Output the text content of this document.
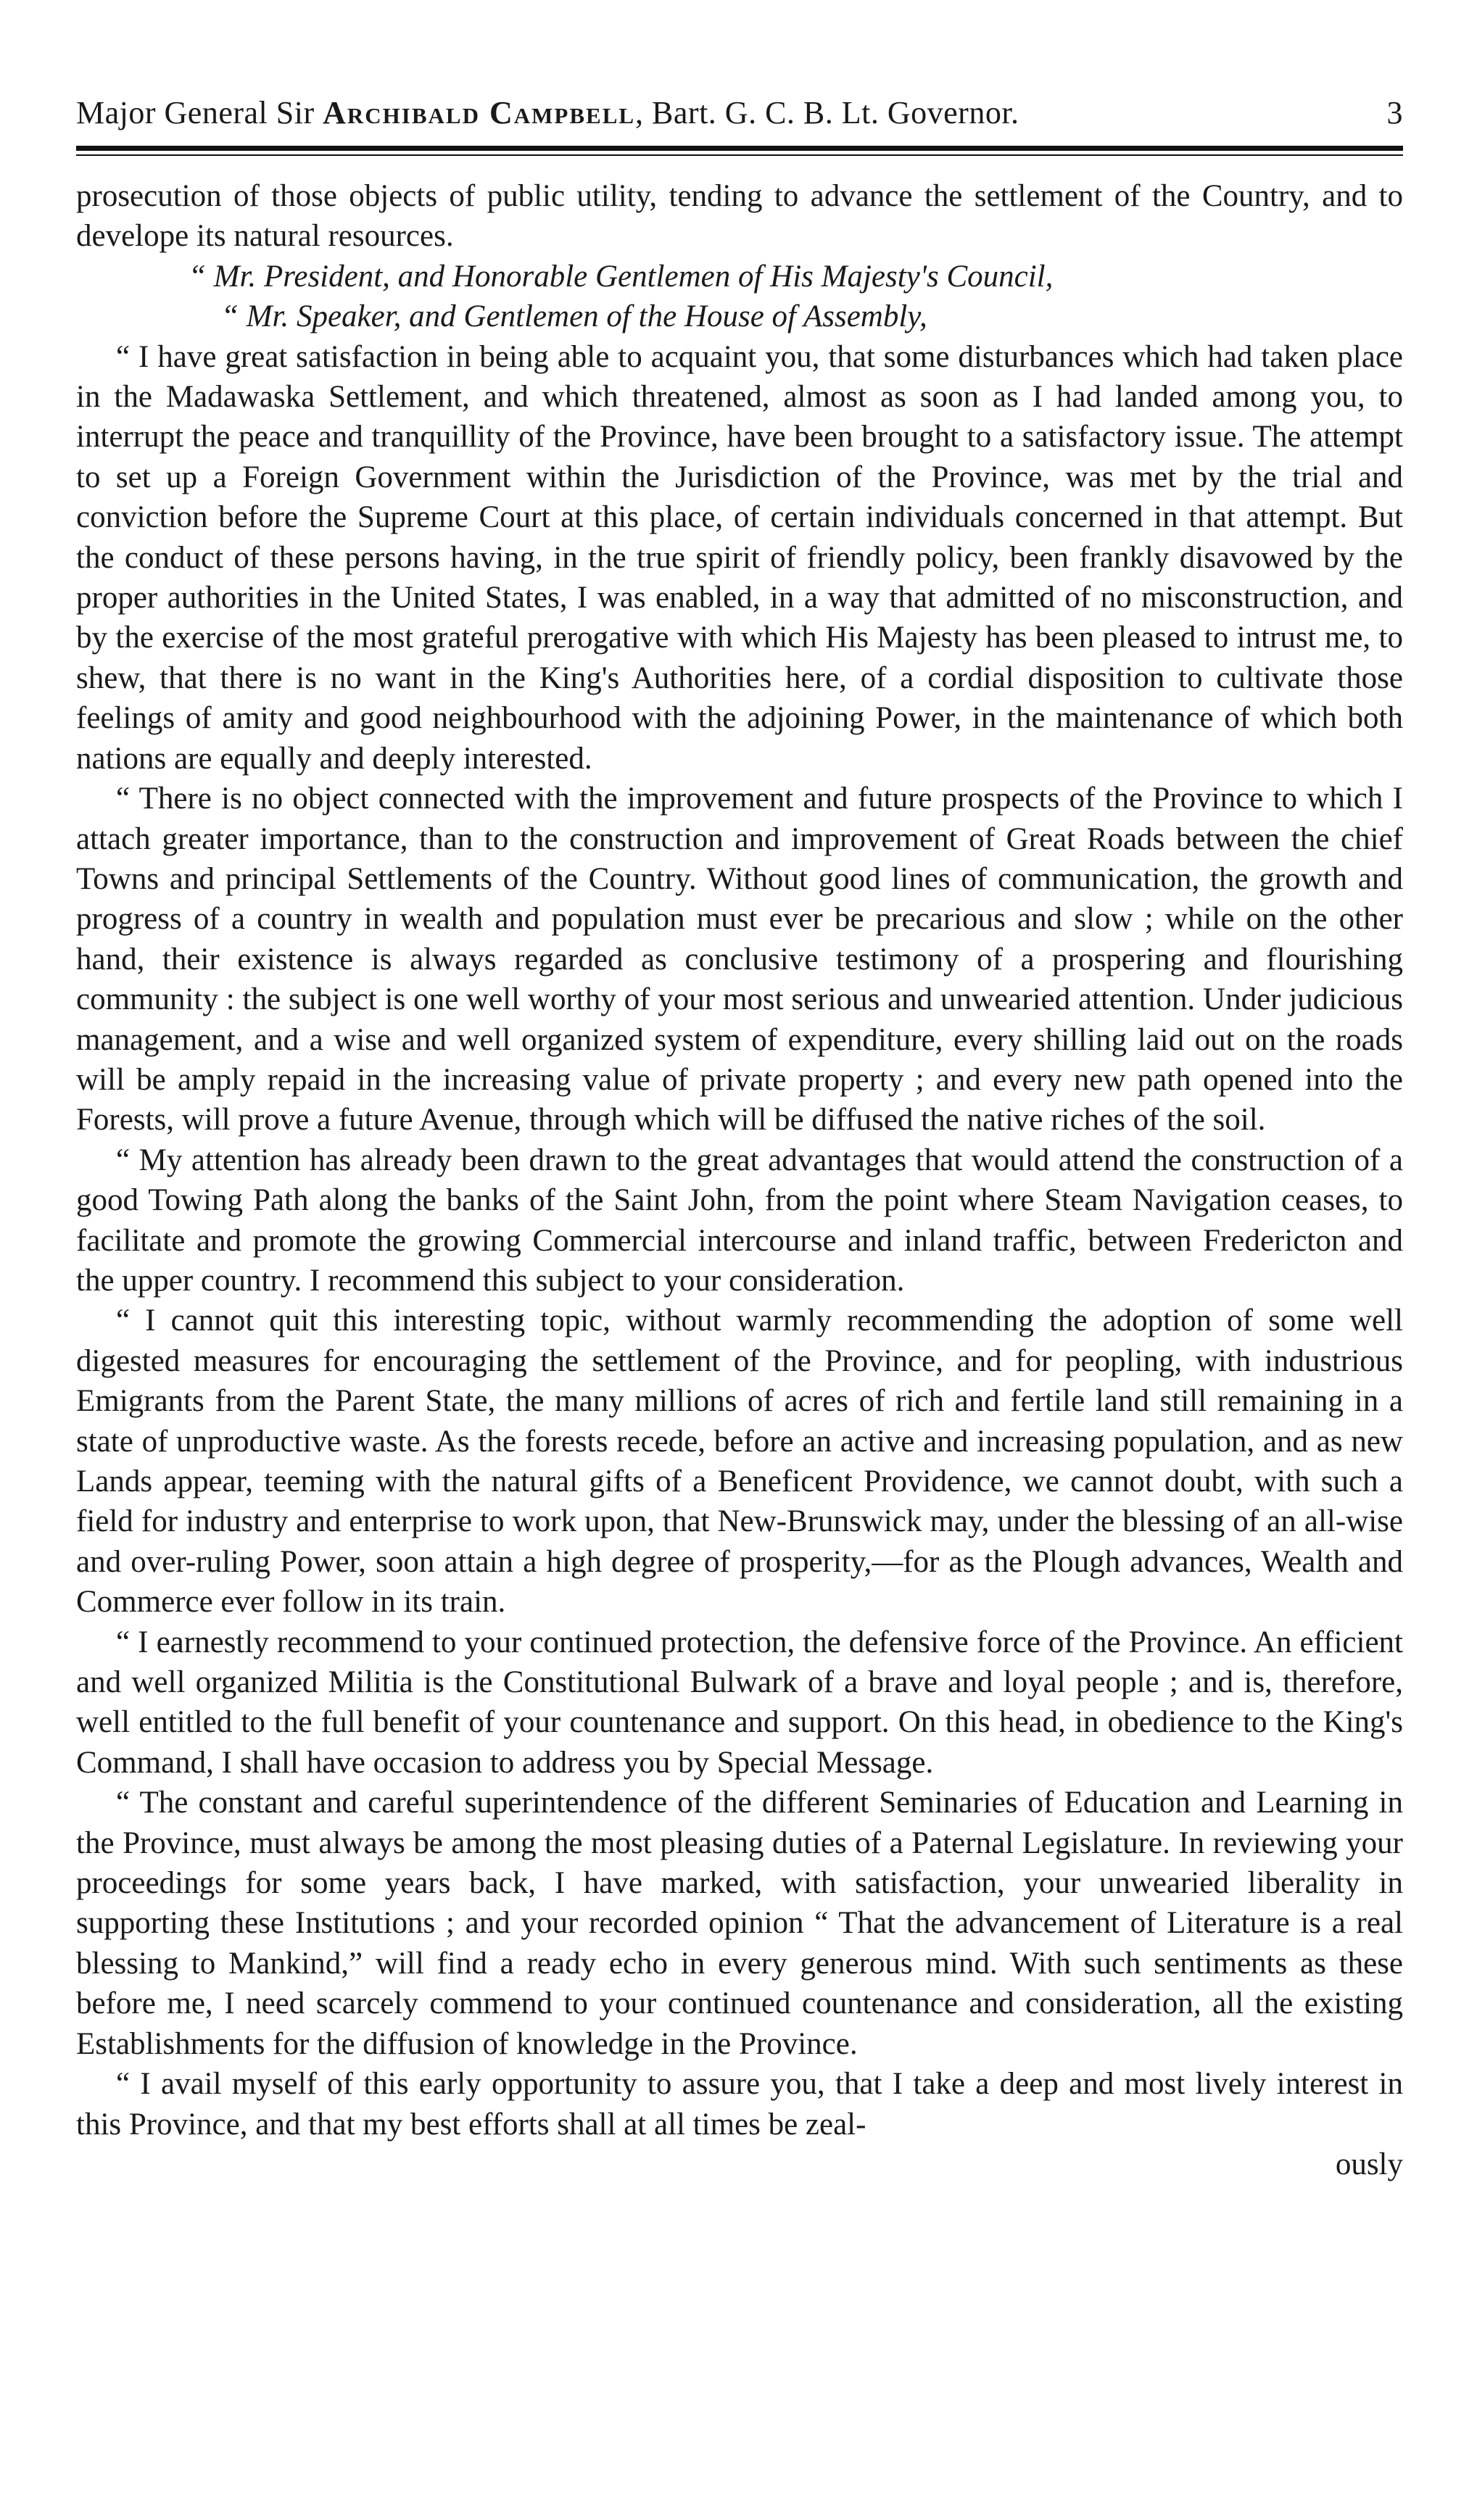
Major General Sir Archibald Campbell, Bart. G. C. B. Lt. Governor.	3

prosecution of those objects of public utility, tending to advance the settlement of the Country, and to develope its natural resources.

“ Mr. President, and Honorable Gentlemen of His Majesty's Council,

“ Mr. Speaker, and Gentlemen of the House of Assembly,

“ I have great satisfaction in being able to acquaint you, that some disturbances which had taken place in the Madawaska Settlement, and which threatened, almost as soon as I had landed among you, to interrupt the peace and tranquillity of the Province, have been brought to a satisfactory issue. The attempt to set up a Foreign Government within the Jurisdiction of the Province, was met by the trial and conviction before the Supreme Court at this place, of certain individuals concerned in that attempt. But the conduct of these persons having, in the true spirit of friendly policy, been frankly disavowed by the proper authorities in the United States, I was enabled, in a way that admitted of no misconstruction, and by the exercise of the most grateful prerogative with which His Majesty has been pleased to intrust me, to shew, that there is no want in the King's Authorities here, of a cordial disposition to cultivate those feelings of amity and good neighbourhood with the adjoining Power, in the maintenance of which both nations are equally and deeply interested.

“ There is no object connected with the improvement and future prospects of the Province to which I attach greater importance, than to the construction and improvement of Great Roads between the chief Towns and principal Settlements of the Country. Without good lines of communication, the growth and progress of a country in wealth and population must ever be precarious and slow ; while on the other hand, their existence is always regarded as conclusive testimony of a prospering and flourishing community : the subject is one well worthy of your most serious and unwearied attention. Under judicious management, and a wise and well organized system of expenditure, every shilling laid out on the roads will be amply repaid in the increasing value of private property ; and every new path opened into the Forests, will prove a future Avenue, through which will be diffused the native riches of the soil.

“ My attention has already been drawn to the great advantages that would attend the construction of a good Towing Path along the banks of the Saint John, from the point where Steam Navigation ceases, to facilitate and promote the growing Commercial intercourse and inland traffic, between Fredericton and the upper country. I recommend this subject to your consideration.

“ I cannot quit this interesting topic, without warmly recommending the adoption of some well digested measures for encouraging the settlement of the Province, and for peopling, with industrious Emigrants from the Parent State, the many millions of acres of rich and fertile land still remaining in a state of unproductive waste. As the forests recede, before an active and increasing population, and as new Lands appear, teeming with the natural gifts of a Beneficent Providence, we cannot doubt, with such a field for industry and enterprise to work upon, that New-Brunswick may, under the blessing of an all-wise and over-ruling Power, soon attain a high degree of prosperity,—for as the Plough advances, Wealth and Commerce ever follow in its train.

“ I earnestly recommend to your continued protection, the defensive force of the Province. An efficient and well organized Militia is the Constitutional Bulwark of a brave and loyal people ; and is, therefore, well entitled to the full benefit of your countenance and support. On this head, in obedience to the King's Command, I shall have occasion to address you by Special Message.

“ The constant and careful superintendence of the different Seminaries of Education and Learning in the Province, must always be among the most pleasing duties of a Paternal Legislature. In reviewing your proceedings for some years back, I have marked, with satisfaction, your unwearied liberality in supporting these Institutions ; and your recorded opinion “ That the advancement of Literature is a real blessing to Mankind,” will find a ready echo in every generous mind. With such sentiments as these before me, I need scarcely commend to your continued countenance and consideration, all the existing Establishments for the diffusion of knowledge in the Province.

“ I avail myself of this early opportunity to assure you, that I take a deep and most lively interest in this Province, and that my best efforts shall at all times be zeal-

ously
